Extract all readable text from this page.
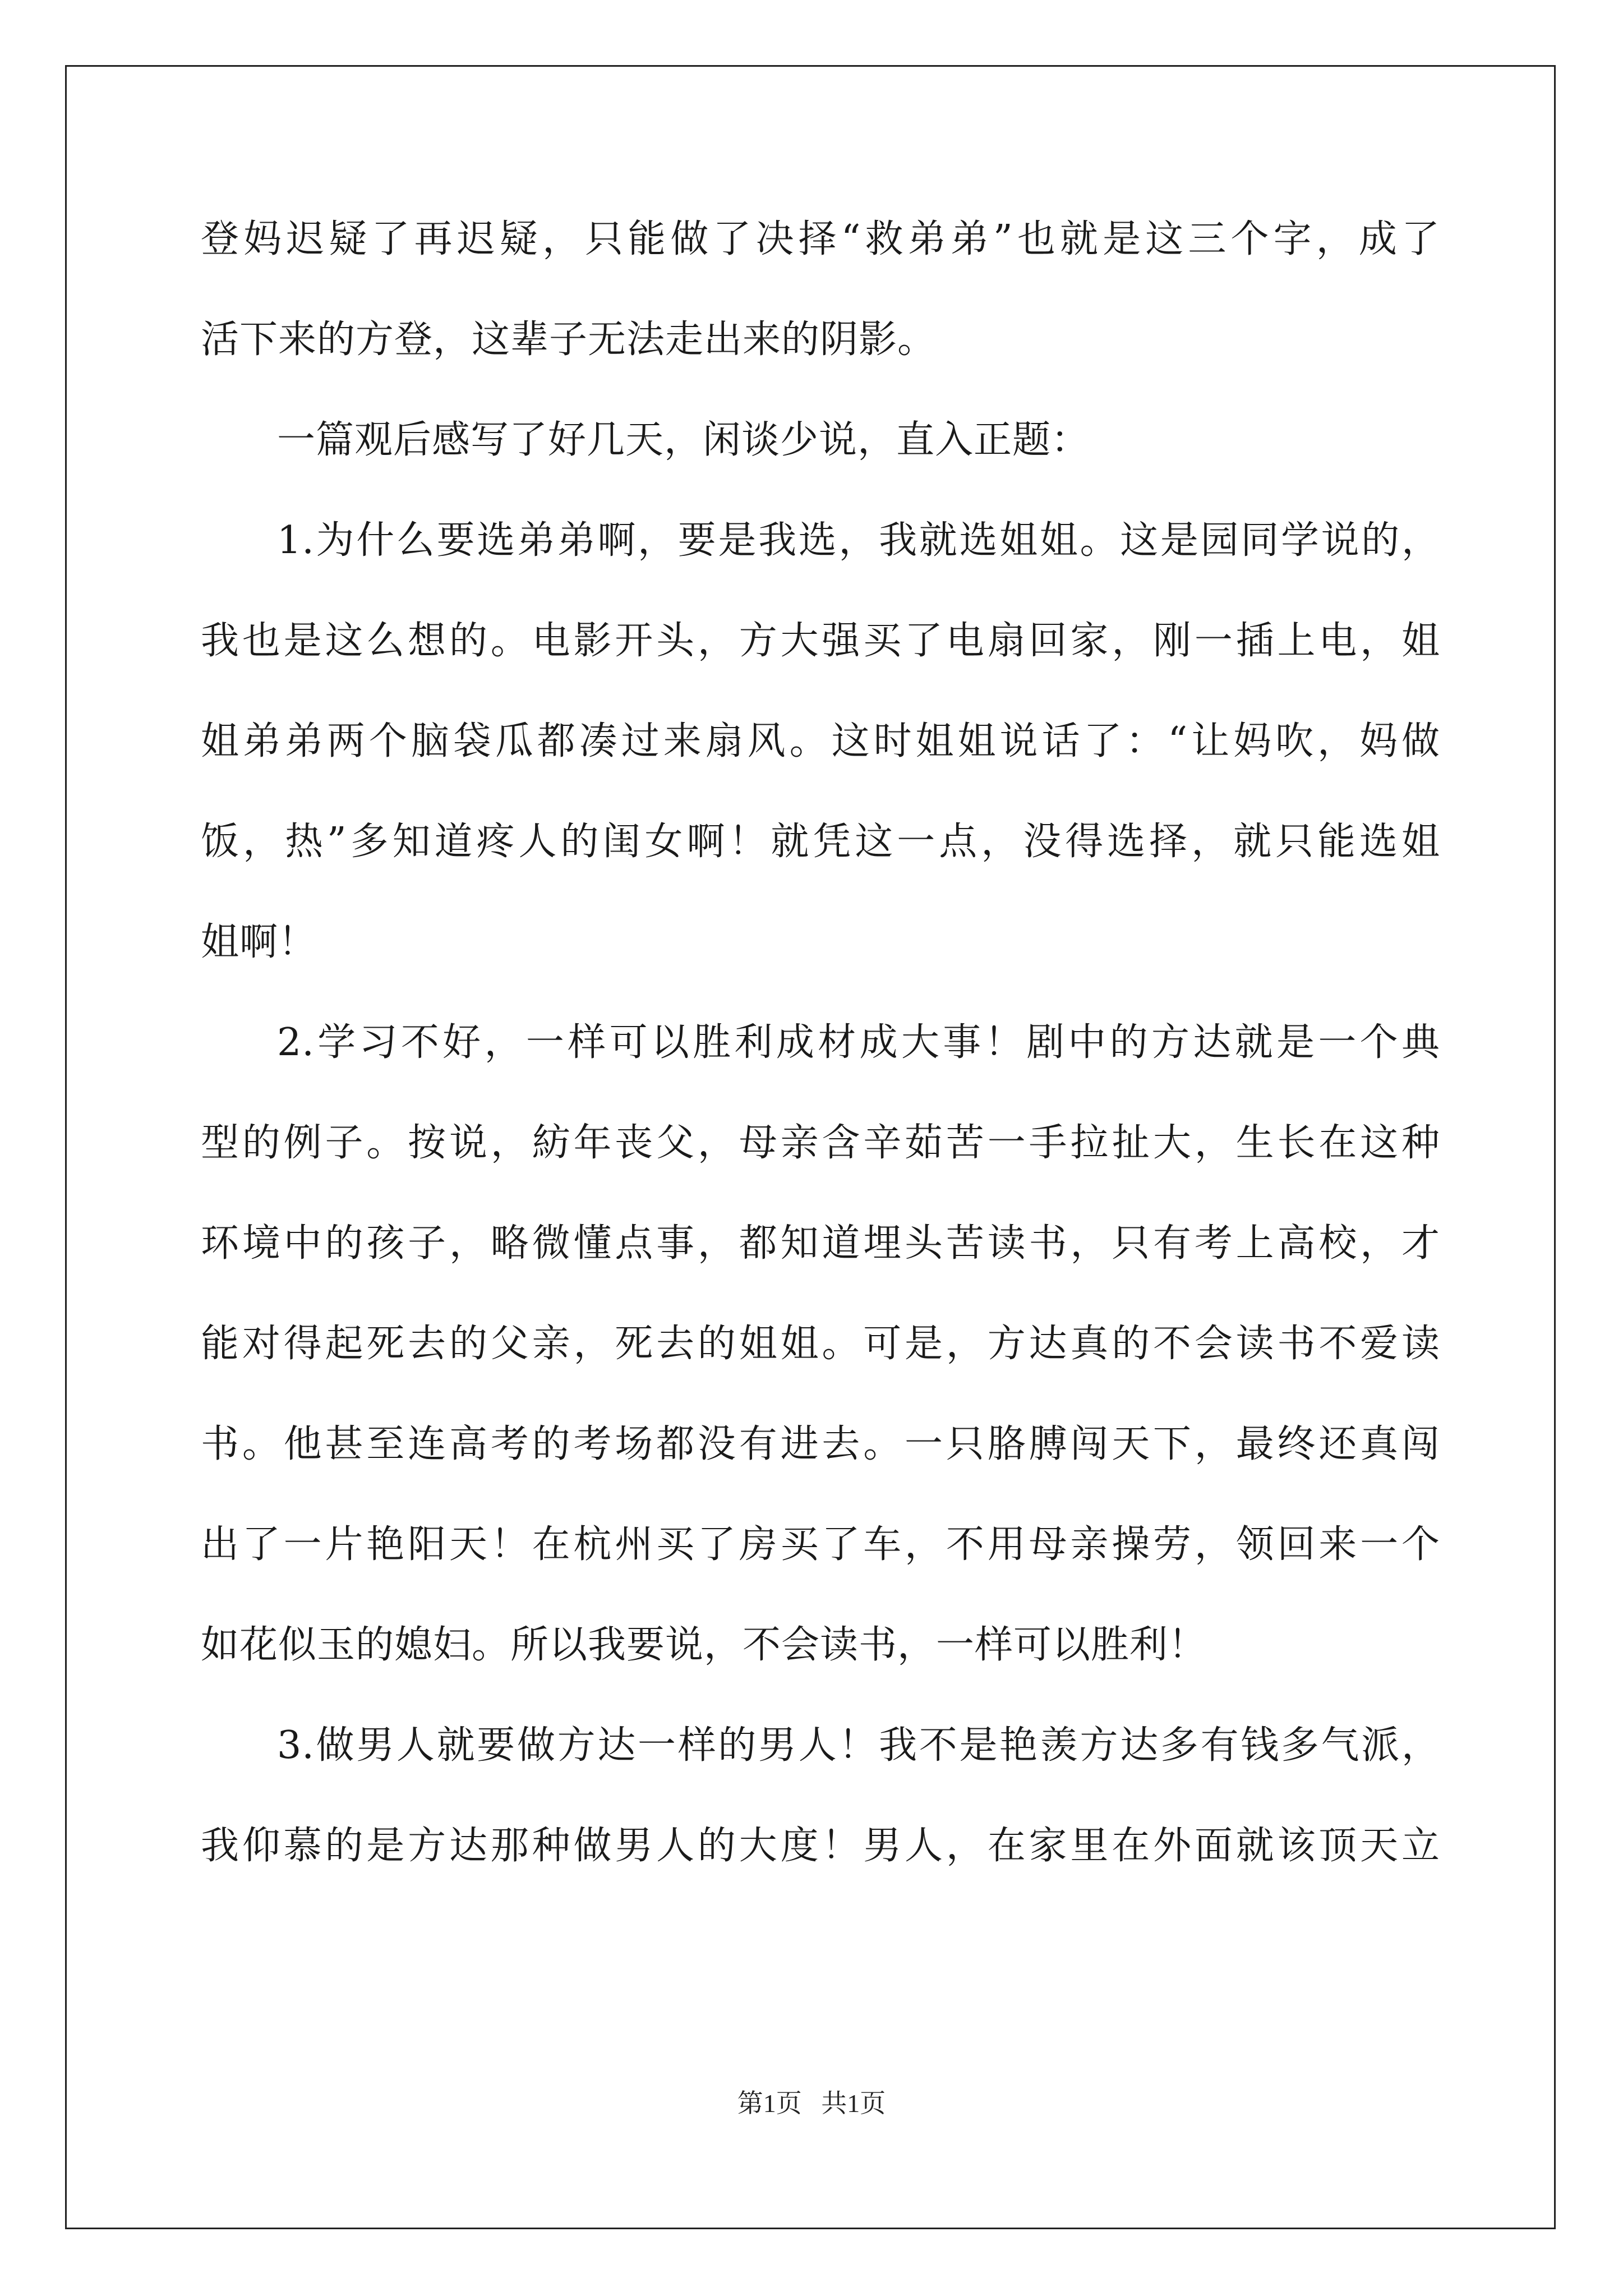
登妈迟疑了再迟疑，只能做了决择“救弟弟”也就是这三个字，成了
活下来的方登，这辈子无法走出来的阴影。
一篇观后感写了好几天，闲谈少说，直入正题：
1.为什么要选弟弟啊，要是我选，我就选姐姐。这是园同学说的，
我也是这么想的。电影开头，方大强买了电扇回家，刚一插上电，姐
姐弟弟两个脑袋瓜都凑过来扇风。这时姐姐说话了：“让妈吹，妈做
饭，热”多知道疼人的闺女啊！就凭这一点，没得选择，就只能选姐
姐啊！
2.学习不好，一样可以胜利成材成大事！剧中的方达就是一个典
型的例子。按说，紡年丧父，母亲含辛茹苦一手拉扯大，生长在这种
环境中的孩子，略微懂点事，都知道埋头苦读书，只有考上高校，才
能对得起死去的父亲，死去的姐姐。可是，方达真的不会读书不爱读
书。他甚至连高考的考场都没有进去。一只胳膊闯天下，最终还真闯
出了一片艳阳天！在杭州买了房买了车，不用母亲操劳，领回来一个
如花似玉的媳妇。所以我要说，不会读书，一样可以胜利！
3.做男人就要做方达一样的男人！我不是艳羡方达多有钱多气派，
我仰慕的是方达那种做男人的大度！男人，在家里在外面就该顶天立
第1页 共1页
